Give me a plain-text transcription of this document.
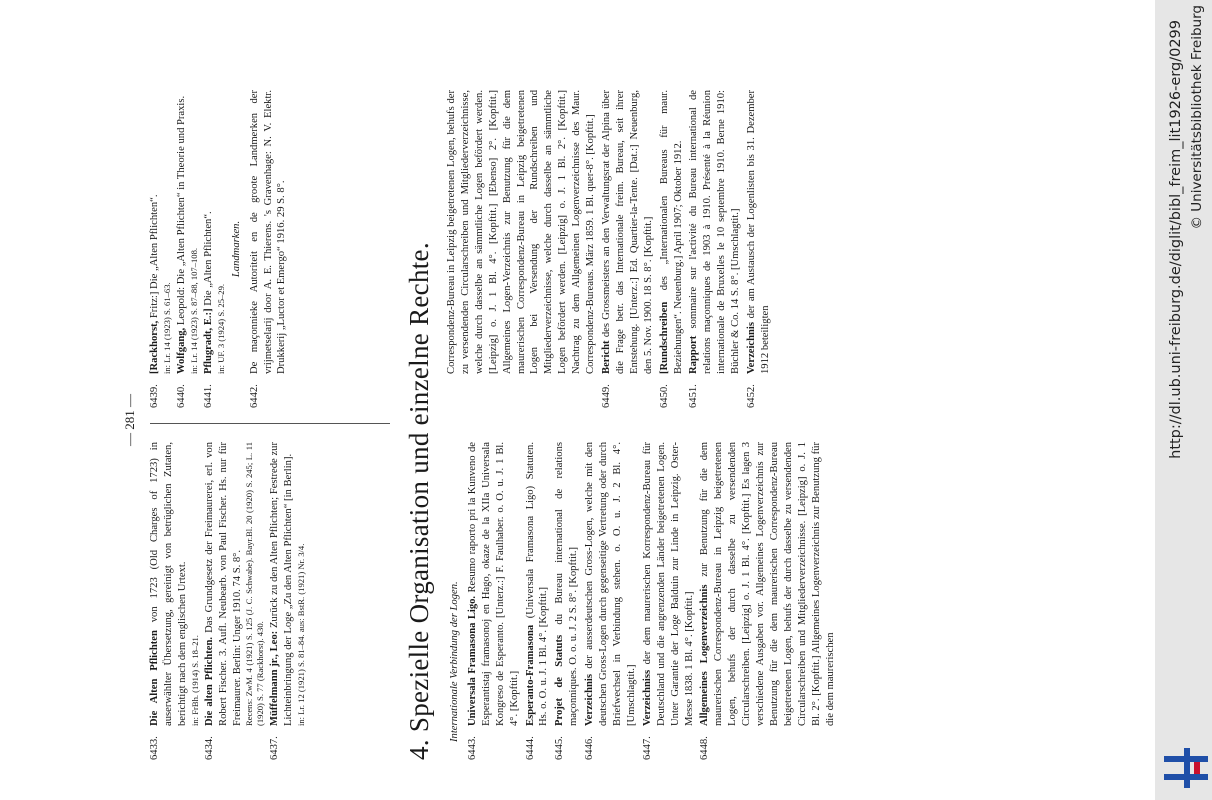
— 281 —
6433.
Die Alten Pflichten von 1723 (Old Charges of 1723) in auserwählter Übersetzung, gereinigt von betrüglichen Zutaten, berichtigt nach dem englischen Urtext. in: FrBh. (1914) S. 18–21.
6434.
Die alten Pflichten. Das Grundgesetz der Freimaurerei, erl. von Robert Fischer. 3. Aufl. Neubearb. von Paul Fischer. Hs. nur für Freimaurer. Berlin: Unger 1910. 74 S. 8°. Recens: ZwM. 4 (1921) S. 125 (J. C. Schwabe). Bayr.Bl. 20 (1920) S. 245; L. 11 (1920) S. 77 (Rackhorst). 430.
6437.
Müffelmann jr., Leo: Zurück zu den Alten Pflichten; Festrede zur Lichteinbringung der Loge „Zu den Alten Pflichten“ [in Berlin]. in: Lr. 12 (1921) S. 81–84. aus: BstR. (1921) Nr. 3/4.
6439.
[Rackhorst, Fritz:] Die „Alten Pflichten“.
in: Lr. 14 (1923) S. 61–63.
6440.
Wolfgang, Leopold: Die „Alten Pflichten“ in Theorie und Praxis. in: Lr. 14 (1923) S. 87–88, 107–108.
6441.
Pflugradt, E.:] Die „Alten Pflichten“.
in: UF. 3 (1924) S. 25–29.
Landmarken.
6442.
De maçonnieke Autoriteit en de groote Landmerken der vrijmetselarij door A. E. Thierens. 's Gravenhage: N. V. Elektr. Drukkerij „Luctor et Emergo“ 1916. 29 S. 8°.	4. Spezielle Organisation und einzelne Rechte. Internationale Verbindung der Logen.
6443.
Universala Framasona Ligo. Resumo raporto pri la Kunveno de Esperantistaj framasonoj en Hago, okaze de la XIIa Universala Kongreso de Esperanto. [Unterz.:] F. Faulhaber. o. O. u. J. 1 Bl. 4°. [Kopftit.]
6444.
Esperanto-Framasona (Universala Framasona Ligo) Statuten. Hs. o. O. u. J. 1 Bl. 4°. [Kopftit.]
6445.
Projet de Statuts du Bureau international de relations maçonniques. O. o. u. J. 2 S. 8°. [Kopftit.]
6446.
Verzeichnis der ausserdeutschen Gross-Logen, welche mit den deutschen Gross-Logen durch gegenseitige Vertretung oder durch Briefwechsel in Verbindung stehen. o. O. u. J. 2 Bl. 4°. [Umschlagtit.]
6447.
Verzeichniss der dem maurerischen Korrespondenz-Bureau für Deutschland und die angrenzenden Länder beigetretenen Logen. Unter Garantie der Loge Balduin zur Linde in Leipzig. Oster-Messe 1838. 1 Bl. 4°. [Kopftit.]
6448.
Allgemeines Logenverzeichnis zur Benutzung für die dem maurerischen Correspondenz-Bureau in Leipzig beigetretenen Logen, behufs der durch dasselbe zu versendenden Circularschreiben. [Leipzig] o. J. 1 Bl. 4°. [Kopftit.] Es lagen 3 verschiedene Ausgaben vor. Allgemeines Logenverzeichnis zur Benutzung für die dem maurerischen Correspondenz-Bureau beigetretenen Logen, behufs der durch dasselbe zu versendenden Circularschreiben und Mitgliederverzeichnisse. [Leipzig] o. J. 1 Bl. 2°. [Kopftit.] Allgemeines Logenverzeichnis zur Benutzung für die dem maurerischen
Correspondenz-Bureau in Leipzig beigetretenen Logen, behufs der zu versendenden Circularschreiben und Mitgliederverzeichnisse, welche durch dasselbe an sämmtliche Logen befördert werden. [Leipzig] o. J. 1 Bl. 4°. [Kopftit.] [Ebenso] 2°. [Kopftit.] Allgemeines Logen-Verzeichnis zur Benutzung für die dem maurerischen Correspondenz-Bureau in Leipzig beigetretenen Logen bei Versendung der Rundschreiben und Mitgliederverzeichnisse, welche durch dasselbe an sämmtliche Logen befördert werden. [Leipzig] o. J. 1 Bl. 2°. [Kopftit.] Nachtrag zu dem Allgemeinen Logenverzeichnisse des Maur. Correspondenz-Bureaus. März 1859. 1 Bl. quer-8°. [Kopftit.]
6449.
Bericht des Grossmeisters an den Verwaltungsrat der Alpina über die Frage betr. das Internationale freim. Bureau, seit ihrer Entstehung. [Unterz.:] Ed. Quartier-la-Tente. [Dat.:] Neuenburg, den 5. Nov. 1900. 18 S. 8°. [Kopftit.]
6450.
[Rundschreiben des „Internationalen Bureaus für maur. Beziehungen“. Neuenburg.] April 1907; Oktober 1912.
6451.
Rapport sommaire sur l'activité du Bureau international de relations maçonniques de 1903 à 1910. Présenté à la Réunion internationale de Bruxelles le 10 septembre 1910. Berne 1910: Büchler & Co. 14 S. 8°. [Umschlagtit.]
6452.
Verzeichnis der am Austausch der Logenlisten bis 31. Dezember 1912 beteiligten	http://dl.ub.uni-freiburg.de/diglit/bibl_freim_lit1926-erg/0299 © Universitätsbibliothek Freiburg
